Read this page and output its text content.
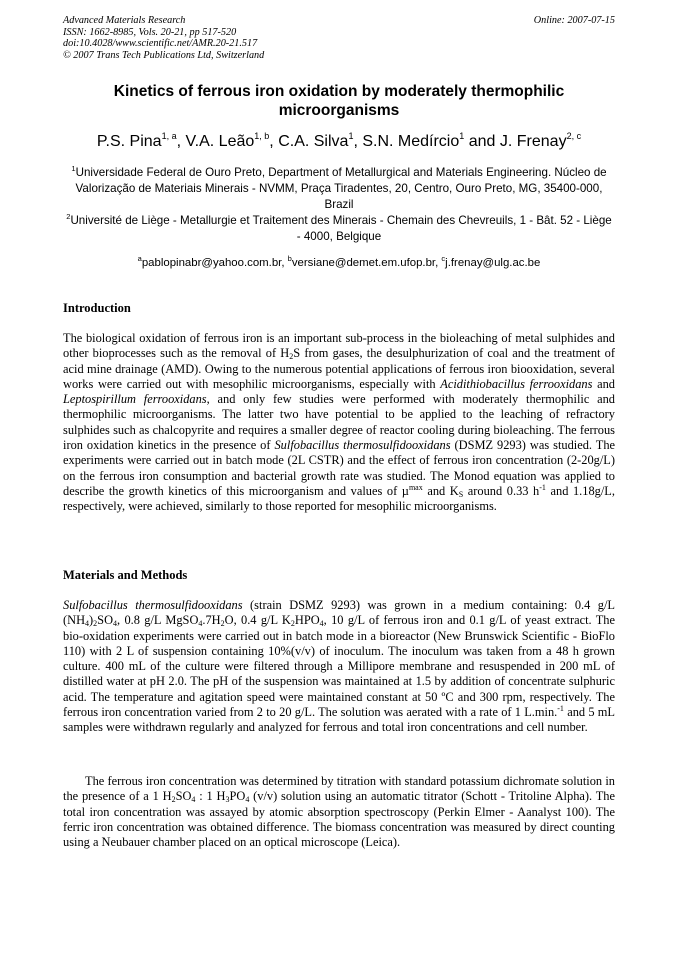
Advanced Materials Research
ISSN: 1662-8985, Vols. 20-21, pp 517-520
doi:10.4028/www.scientific.net/AMR.20-21.517
© 2007 Trans Tech Publications Ltd, Switzerland
Online: 2007-07-15
Kinetics of ferrous iron oxidation by moderately thermophilic microorganisms
P.S. Pina$^{1, a}$, V.A. Leão$^{1, b}$, C.A. Silva$^1$, S.N. Medírcio$^1$ and J. Frenay$^{2, c}$
$^1$Universidade Federal de Ouro Preto, Department of Metallurgical and Materials Engineering. Núcleo de Valorização de Materiais Minerais - NVMM, Praça Tiradentes, 20, Centro, Ouro Preto, MG, 35400-000, Brazil
$^2$Université de Liège - Metallurgie et Traitement des Minerais - Chemain des Chevreuils, 1 - Bât. 52 - Liège - 4000, Belgique
$^a$pablopinabr@yahoo.com.br, $^b$versiane@demet.em.ufop.br, $^c$j.frenay@ulg.ac.be
Introduction

The biological oxidation of ferrous iron is an important sub-process in the bioleaching of metal sulphides and other bioprocesses such as the removal of $H_2S$ from gases, the desulphurization of coal and the treatment of acid mine drainage (AMD). Owing to the numerous potential applications of ferrous iron biooxidation, several works were carried out with mesophilic microorganisms, especially with Acidithiobacillus ferrooxidans and Leptospirillum ferrooxidans, and only few studies were performed with moderately thermophilic and thermophilic microorganisms. The latter two have potential to be applied to the leaching of refractory sulphides such as chalcopyrite and requires a smaller degree of reactor cooling during bioleaching. The ferrous iron oxidation kinetics in the presence of Sulfobacillus thermosulfidooxidans (DSMZ 9293) was studied. The experiments were carried out in batch mode (2L CSTR) and the effect of ferrous iron concentration (2-20g/L) on the ferrous iron consumption and bacterial growth rate was studied. The Monod equation was applied to describe the growth kinetics of this microorganism and values of µ$^{max}$ and $K_S$ around 0.33 $h^{-1}$ and 1.18g/L, respectively, were achieved, similarly to those reported for mesophilic microorganisms.

Materials and Methods

Sulfobacillus thermosulfidooxidans (strain DSMZ 9293) was grown in a medium containing: 0.4 g/L $(NH_4)_2SO_4$, 0.8 g/L $MgSO_4.7H_2O$, 0.4 g/L $K_2HPO_4$, 10 g/L of ferrous iron and 0.1 g/L of yeast extract. The bio-oxidation experiments were carried out in batch mode in a bioreactor (New Brunswick Scientific - BioFlo 110) with 2 L of suspension containing 10%(v/v) of inoculum. The inoculum was taken from a 48 h grown culture. 400 mL of the culture were filtered through a Millipore membrane and resuspended in 200 mL of distilled water at pH 2.0. The pH of the suspension was maintained at 1.5 by addition of concentrate sulphuric acid. The temperature and agitation speed were maintained constant at 50 ºC and 300 rpm, respectively. The ferrous iron concentration varied from 2 to 20 g/L. The solution was aerated with a rate of 1 L.min.$^{-1}$ and 5 mL samples were withdrawn regularly and analyzed for ferrous and total iron concentrations and cell number.

The ferrous iron concentration was determined by titration with standard potassium dichromate solution in the presence of a 1 $H_2SO_4$ : 1 $H_3PO_4$ (v/v) solution using an automatic titrator (Schott - Tritoline Alpha). The total iron concentration was assayed by atomic absorption spectroscopy (Perkin Elmer - Aanalyst 100). The ferric iron concentration was obtained difference. The biomass concentration was measured by direct counting using a Neubauer chamber placed on an optical microscope (Leica).
